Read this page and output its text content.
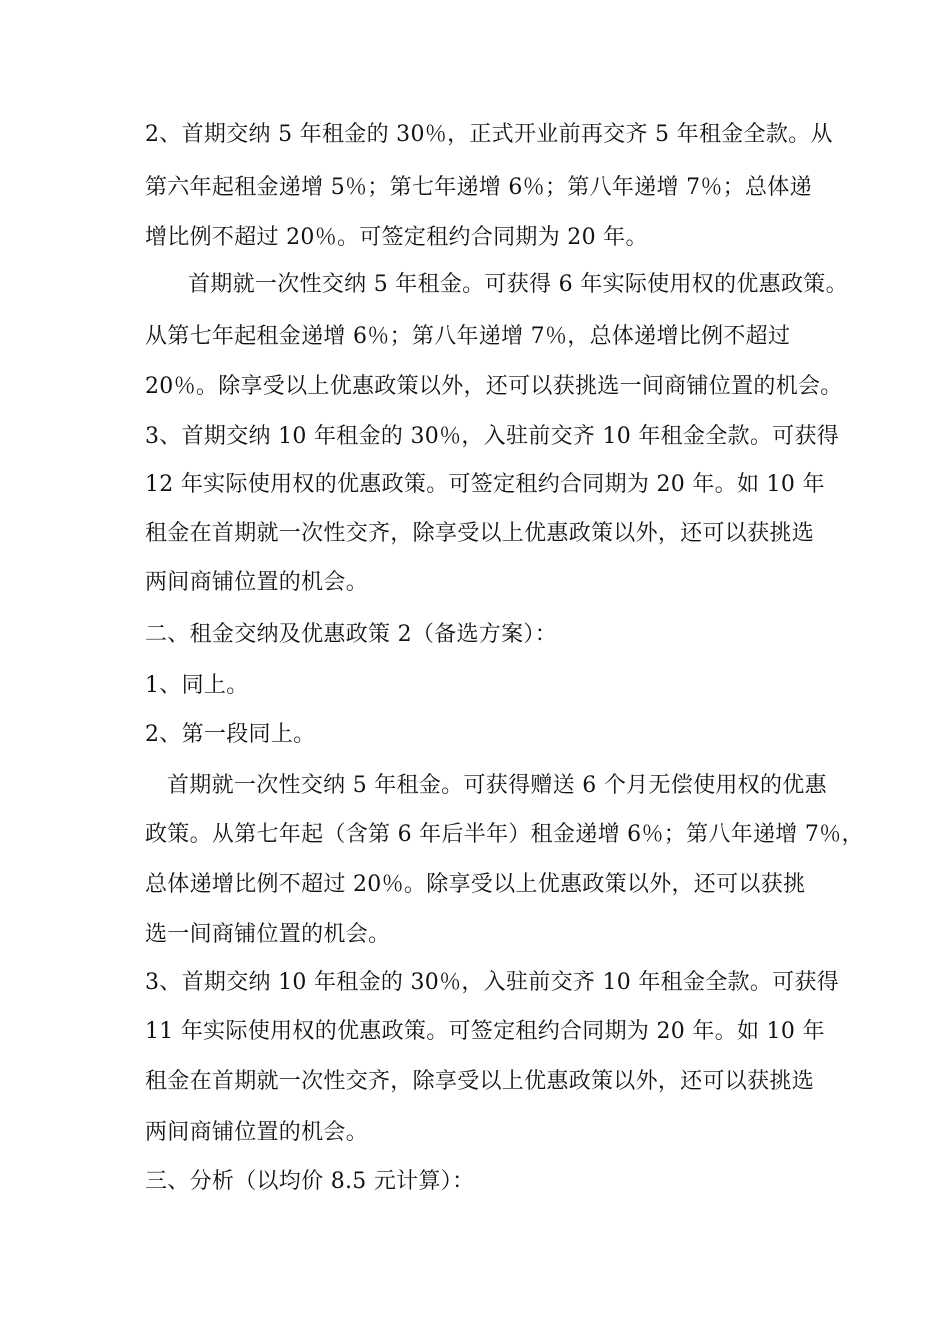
2、首期交纳 5 年租金的 30％，正式开业前再交齐 5 年租金全款。从
第六年起租金递增 5％；第七年递增 6％；第八年递增 7％；总体递
增比例不超过 20％。可签定租约合同期为 20 年。
首期就一次性交纳 5 年租金。可获得 6 年实际使用权的优惠政策。
从第七年起租金递增 6％；第八年递增 7％，总体递增比例不超过
20％。除享受以上优惠政策以外，还可以获挑选一间商铺位置的机会。
3、首期交纳 10 年租金的 30％，入驻前交齐 10 年租金全款。可获得
12 年实际使用权的优惠政策。可签定租约合同期为 20 年。如 10 年
租金在首期就一次性交齐，除享受以上优惠政策以外，还可以获挑选
两间商铺位置的机会。
二、租金交纳及优惠政策 2（备选方案）：
1、同上。
2、第一段同上。
首期就一次性交纳 5 年租金。可获得赠送 6 个月无偿使用权的优惠
政策。从第七年起（含第 6 年后半年）租金递增 6％；第八年递增 7％，
总体递增比例不超过 20％。除享受以上优惠政策以外，还可以获挑
选一间商铺位置的机会。
3、首期交纳 10 年租金的 30％，入驻前交齐 10 年租金全款。可获得
11 年实际使用权的优惠政策。可签定租约合同期为 20 年。如 10 年
租金在首期就一次性交齐，除享受以上优惠政策以外，还可以获挑选
两间商铺位置的机会。
三、分析（以均价 8.5 元计算）：
